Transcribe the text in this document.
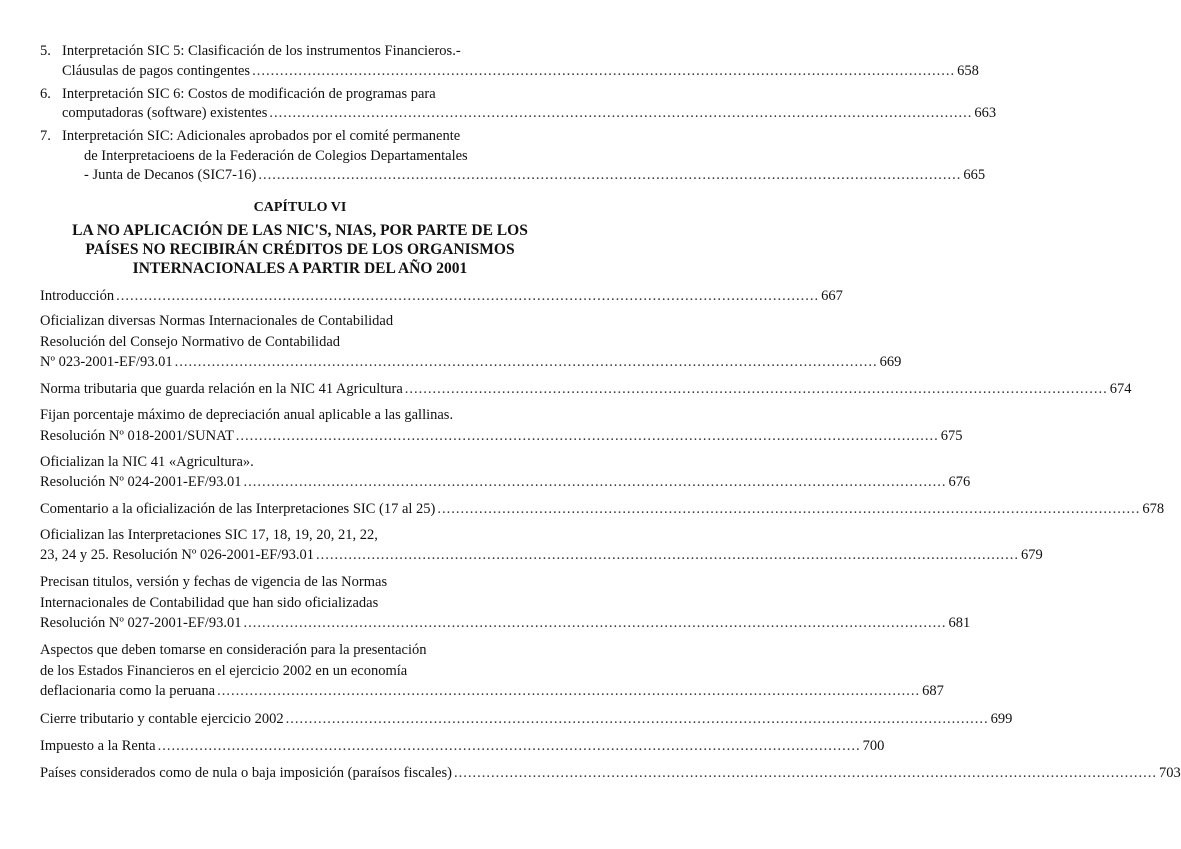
5. Interpretación SIC 5: Clasificación de los instrumentos Financieros.-
Cláusulas de pagos contingentes ........................................................................................................................................................ 658
6. Interpretación SIC 6: Costos de modificación de programas para
computadoras (software) existentes ........................................................................................................................................................ 663
7. Interpretación SIC: Adicionales aprobados por el comité permanente
de Interpretacioens de la Federación de Colegios Departamentales
- Junta de Decanos (SIC7-16) ........................................................................................................................................................ 665
CAPÍTULO VI
LA NO APLICACIÓN DE LAS NIC'S, NIAS, POR PARTE DE LOS
PAÍSES NO RECIBIRÁN CRÉDITOS DE LOS ORGANISMOS
INTERNACIONALES A PARTIR DEL AÑO 2001
Introducción ........................................................................................................................................................ 667
Oficializan diversas Normas Internacionales de Contabilidad
Resolución del Consejo Normativo de Contabilidad
Nº 023-2001-EF/93.01 ........................................................................................................................................................ 669
Norma tributaria que guarda relación en la NIC 41 Agricultura ........................................................................................................................................................ 674
Fijan porcentaje máximo de depreciación anual aplicable a las gallinas.
Resolución Nº 018-2001/SUNAT ........................................................................................................................................................ 675
Oficializan la NIC 41 «Agricultura».
Resolución Nº 024-2001-EF/93.01 ........................................................................................................................................................ 676
Comentario a la oficialización de las Interpretaciones SIC (17 al 25) ........................................................................................................................................................ 678
Oficializan las Interpretaciones SIC 17, 18, 19, 20, 21, 22,
23, 24 y 25. Resolución Nº 026-2001-EF/93.01 ........................................................................................................................................................ 679
Precisan titulos, versión y fechas de vigencia de las Normas
Internacionales de Contabilidad que han sido oficializadas
Resolución Nº 027-2001-EF/93.01 ........................................................................................................................................................ 681
Aspectos que deben tomarse en consideración para la presentación
de los Estados Financieros en el ejercicio 2002 en un economía
deflacionaria como la peruana ........................................................................................................................................................ 687
Cierre tributario y contable ejercicio 2002 ........................................................................................................................................................ 699
Impuesto a la Renta ........................................................................................................................................................ 700
Países considerados como de nula o baja imposición (paraísos fiscales) ........................................................................................................................................................ 703
